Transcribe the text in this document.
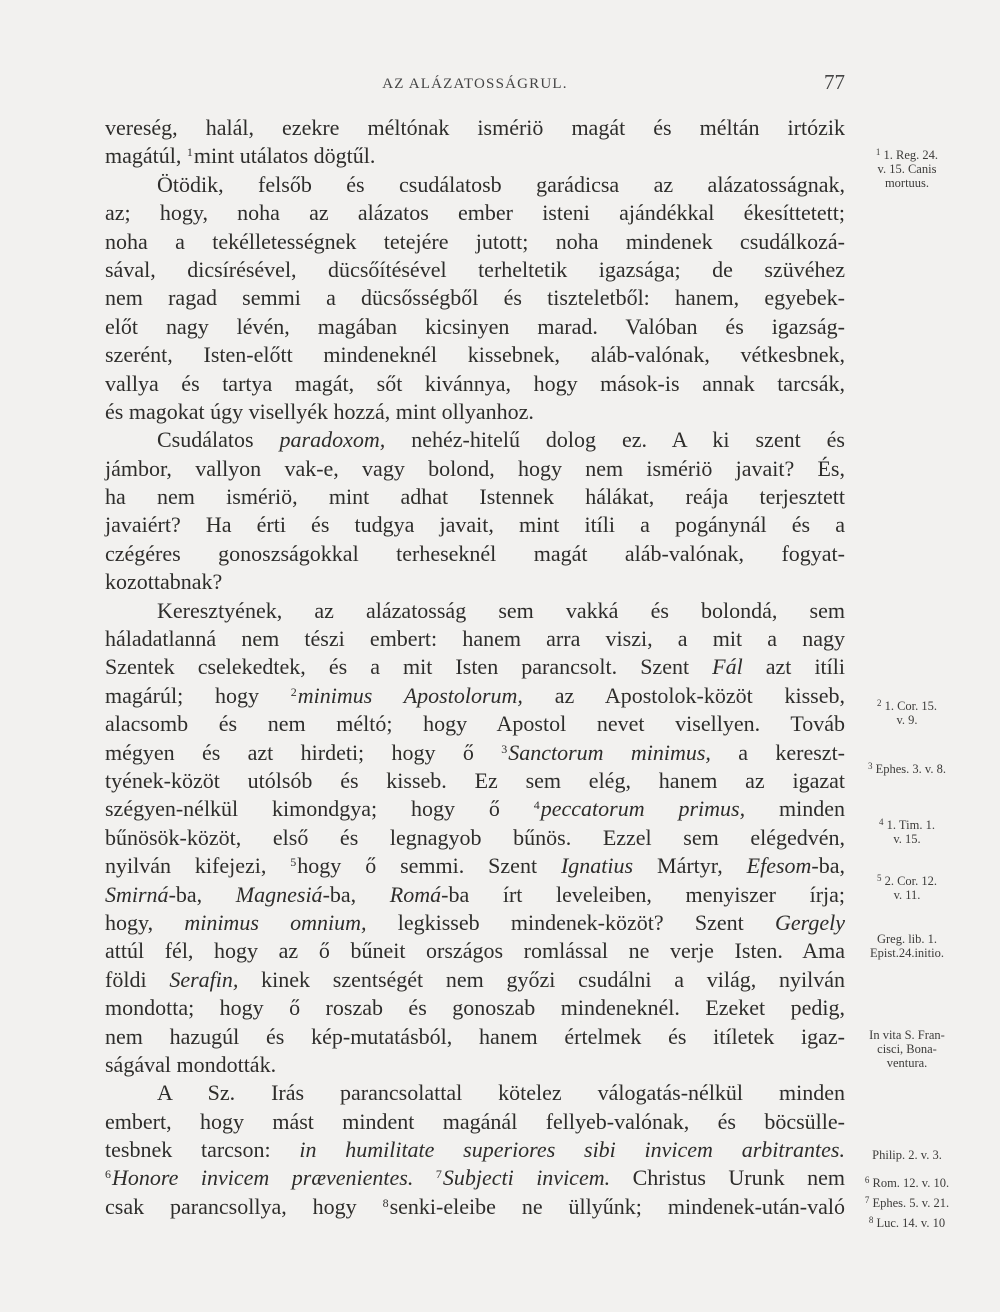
AZ ALÁZATOSSÁGRUL.	77
vereség, halál, ezekre méltónak ismériö magát és méltán irtózik
magátúl, $^1$mint utálatos dögtűl.
Ötödik, felsőb és csudálatosb garádicsa az alázatosságnak,
az; hogy, noha az alázatos ember isteni ajándékkal ékesíttetett;
noha a tekélletességnek tetejére jutott; noha mindenek csudálkozá-
sával, dicsírésével, dücsőítésével terheltetik igazsága; de szüvéhez
nem ragad semmi a dücsősségből és tiszteletből: hanem, egyebek-
előt nagy lévén, magában kicsinyen marad. Valóban és igazság-
szerént, Isten-előtt mindeneknél kissebnek, aláb-valónak, vétkesbnek,
vallya és tartya magát, sőt kivánnya, hogy mások-is annak tarcsák,
és magokat úgy visellyék hozzá, mint ollyanhoz.
Csudálatos paradoxom, nehéz-hitelű dolog ez. A ki szent és
jámbor, vallyon vak-e, vagy bolond, hogy nem ismériö javait? És,
ha nem ismériö, mint adhat Istennek hálákat, reája terjesztett
javaiért? Ha érti és tudgya javait, mint itíli a pogánynál és a
czégéres gonoszságokkal terheseknél magát aláb-valónak, fogyat-
kozottabnak?
Keresztyének, az alázatosság sem vakká és bolondá, sem
háladatlanná nem tészi embert: hanem arra viszi, a mit a nagy
Szentek cselekedtek, és a mit Isten parancsolt. Szent Fál azt itíli
magárúl; hogy $^2$minimus Apostolorum, az Apostolok-közöt kisseb,
alacsomb és nem méltó; hogy Apostol nevet visellyen. Továb
mégyen és azt hirdeti; hogy ő $^3$Sanctorum minimus, a kereszt-
tyének-közöt utólsób és kisseb. Ez sem elég, hanem az igazat
szégyen-nélkül kimondgya; hogy ő $^4$peccatorum primus, minden
bűnösök-közöt, első és legnagyob bűnös. Ezzel sem elégedvén,
nyilván kifejezi, $^5$hogy ő semmi. Szent Ignatius Mártyr, Efesom-ba,
Smirná-ba, Magnesiá-ba, Romá-ba írt leveleiben, menyiszer írja;
hogy, minimus omnium, legkisseb mindenek-közöt? Szent Gergely
attúl fél, hogy az ő bűneit országos romlással ne verje Isten. Ama
földi Serafin, kinek szentségét nem győzi csudálni a világ, nyilván
mondotta; hogy ő roszab és gonoszab mindeneknél. Ezeket pedig,
nem hazugúl és kép-mutatásból, hanem értelmek és itíletek igaz-
ságával mondották.
A Sz. Irás parancsolattal kötelez válogatás-nélkül minden
embert, hogy mást mindent magánál fellyeb-valónak, és böcsülle-
tesbnek tarcson: in humilitate superiores sibi invicem arbitrantes.
$^6$Honore invicem prævenientes. $^7$Subjecti invicem. Christus Urunk nem
csak parancsollya, hogy $^8$senki-eleibe ne üllyűnk; mindenek-után-való
$^1$ 1. Reg. 24.
v. 15. Canis
mortuus.
$^2$ 1. Cor. 15.
v. 9.
$^3$ Ephes. 3. v. 8.
$^4$ 1. Tim. 1.
v. 15.
$^5$ 2. Cor. 12.
v. 11.
Greg. lib. 1.
Epist.24.initio.
In vita S. Fran-
cisci, Bona-
ventura.
Philip. 2. v. 3.
$^6$ Rom. 12. v. 10.
$^7$ Ephes. 5. v. 21.
$^8$ Luc. 14. v. 10
